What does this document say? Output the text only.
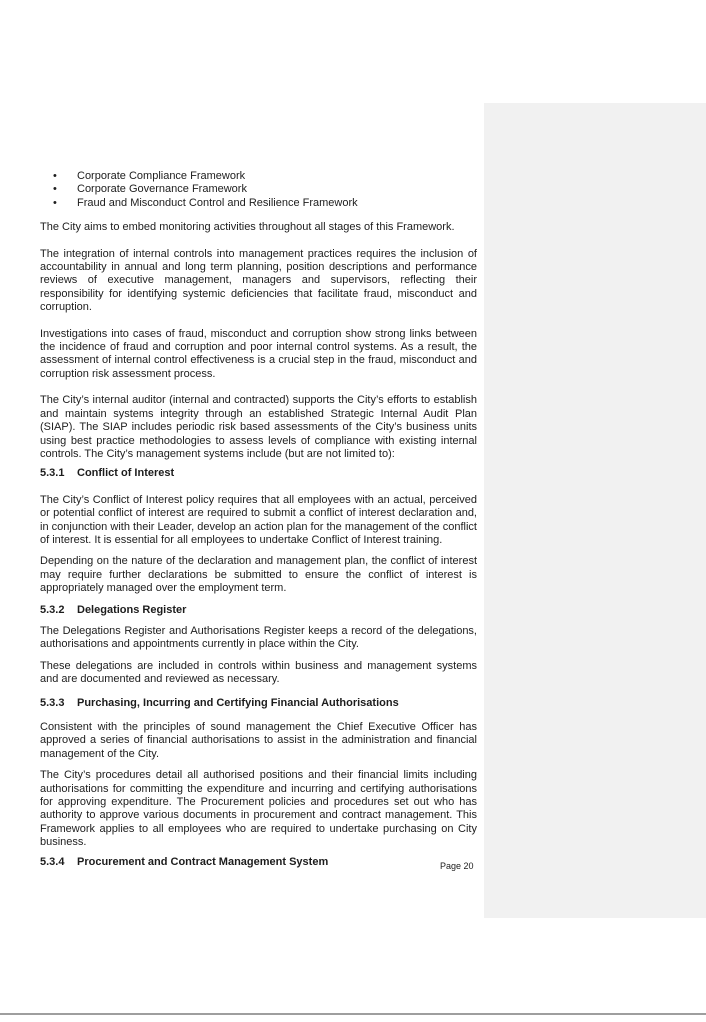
• Corporate Compliance Framework
• Corporate Governance Framework
• Fraud and Misconduct Control and Resilience Framework

The City aims to embed monitoring activities throughout all stages of this Framework.

The integration of internal controls into management practices requires the inclusion of accountability in annual and long term planning, position descriptions and performance reviews of executive management, managers and supervisors, reflecting their responsibility for identifying systemic deficiencies that facilitate fraud, misconduct and corruption.

Investigations into cases of fraud, misconduct and corruption show strong links between the incidence of fraud and corruption and poor internal control systems. As a result, the assessment of internal control effectiveness is a crucial step in the fraud, misconduct and corruption risk assessment process.

The City’s internal auditor (internal and contracted) supports the City’s efforts to establish and maintain systems integrity through an established Strategic Internal Audit Plan (SIAP). The SIAP includes periodic risk based assessments of the City’s business units using best practice methodologies to assess levels of compliance with existing internal controls. The City’s management systems include (but are not limited to):

5.3.1	Conflict of Interest

The City’s Conflict of Interest policy requires that all employees with an actual, perceived or potential conflict of interest are required to submit a conflict of interest declaration and, in conjunction with their Leader, develop an action plan for the management of the conflict of interest. It is essential for all employees to undertake Conflict of Interest training.

Depending on the nature of the declaration and management plan, the conflict of interest may require further declarations be submitted to ensure the conflict of interest is appropriately managed over the employment term.

5.3.2	Delegations Register

The Delegations Register and Authorisations Register keeps a record of the delegations, authorisations and appointments currently in place within the City.

These delegations are included in controls within business and management systems and are documented and reviewed as necessary.

5.3.3	Purchasing, Incurring and Certifying Financial Authorisations

Consistent with the principles of sound management the Chief Executive Officer has approved a series of financial authorisations to assist in the administration and financial management of the City.

The City’s procedures detail all authorised positions and their financial limits including authorisations for committing the expenditure and incurring and certifying authorisations for approving expenditure. The Procurement policies and procedures set out who has authority to approve various documents in procurement and contract management. This Framework applies to all employees who are required to undertake purchasing on City business.

5.3.4	Procurement and Contract Management System	Page 20
